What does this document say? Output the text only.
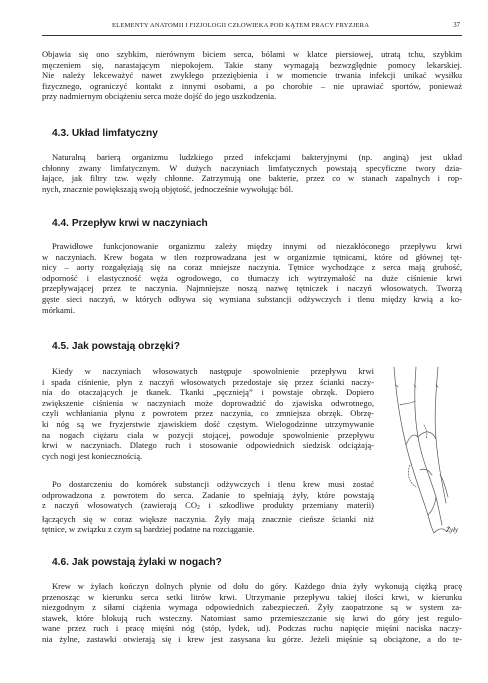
ELEMENTY ANATOMII I FIZJOLOGII CZŁOWIEKA POD KĄTEM PRACY FRYZJERA	37

Objawia się ono szybkim, nierównym biciem serca, bólami w klatce piersiowej, utratą tchu, szybkim
męczeniem się, narastającym niepokojem. Takie stany wymagają bezwzględnie pomocy lekarskiej.
Nie należy lekceważyć nawet zwykłego przeziębienia i w momencie trwania infekcji unikać wysiłku
fizycznego, ograniczyć kontakt z innymi osobami, a po chorobie – nie uprawiać sportów, ponieważ
przy nadmiernym obciążeniu serca może dojść do jego uszkodzenia.

4.3. Układ limfatyczny

Naturalną barierą organizmu ludzkiego przed infekcjami bakteryjnymi (np. anginą) jest układ
chłonny zwany limfatycznym. W dużych naczyniach limfatycznych powstają specyficzne twory dzia-
łające, jak filtry tzw. węzły chłonne. Zatrzymują one bakterie, przez co w stanach zapalnych i rop-
nych, znacznie powiększają swoją objętość, jednocześnie wywołując ból.

4.4. Przepływ krwi w naczyniach

Prawidłowe funkcjonowanie organizmu zależy między innymi od niezakłóconego przepływu krwi
w naczyniach. Krew bogata w tlen rozprowadzana jest w organizmie tętnicami, które od głównej tęt-
nicy – aorty rozgałęziają się na coraz mniejsze naczynia. Tętnice wychodzące z serca mają grubość,
odporność i elastyczność węża ogrodowego, co tłumaczy ich wytrzymałość na duże ciśnienie krwi
przepływającej przez te naczynia. Najmniejsze noszą nazwę tętniczek i naczyń włosowatych. Tworzą
gęste sieci naczyń, w których odbywa się wymiana substancji odżywczych i tlenu między krwią a ko-
mórkami.

4.5. Jak powstają obrzęki?

Kiedy w naczyniach włosowatych następuje spowolnienie przepływu krwi
i spada ciśnienie, płyn z naczyń włosowatych przedostaje się przez ścianki naczy-
nia do otaczających je tkanek. Tkanki „pęcznieją” i powstaje obrzęk. Dopiero
zwiększenie ciśnienia w naczyniach może doprowadzić do zjawiska odwrotnego,
czyli wchłaniania płynu z powrotem przez naczynia, co zmniejsza obrzęk. Obrzę-
ki nóg są we fryzjerstwie zjawiskiem dość częstym. Wielogodzinne utrzymywanie
na nogach ciężaru ciała w pozycji stojącej, powoduje spowolnienie przepływu
krwi w naczyniach. Dlatego ruch i stosowanie odpowiednich siedzisk odciążają-
cych nogi jest koniecznością.

Po dostarczeniu do komórek substancji odżywczych i tlenu krew musi zostać
odprowadzona z powrotem do serca. Zadanie to spełniają żyły, które powstają
z naczyń włosowatych (zawierają $CO_2$ i szkodliwe produkty przemiany materii)
łączących się w coraz większe naczynia. Żyły mają znacznie cieńsze ścianki niż
tętnice, w związku z czym są bardziej podatne na rozciąganie.	Żyły
4.6. Jak powstają żylaki w nogach?

Krew w żyłach kończyn dolnych płynie od dołu do góry. Każdego dnia żyły wykonują ciężką pracę
przenosząc w kierunku serca setki litrów krwi. Utrzymanie przepływu takiej ilości krwi, w kierunku
niezgodnym z siłami ciążenia wymaga odpowiednich zabezpieczeń. Żyły zaopatrzone są w system za-
stawek, które blokują ruch wsteczny. Natomiast samo przemieszczanie się krwi do góry jest regulo-
wane przez ruch i pracę mięśni nóg (stóp, łydek, ud). Podczas ruchu napięcie mięśni naciska naczy-
nia żylne, zastawki otwierają się i krew jest zasysana ku górze. Jeżeli mięśnie są obciążone, a do te-
